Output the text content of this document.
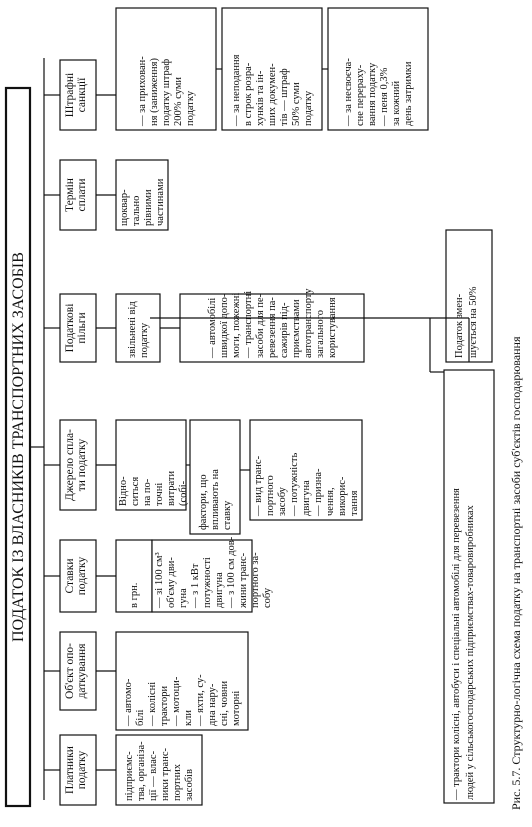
ПОДАТОК ІЗ ВЛАСНИКІВ ТРАНСПОРТНИХ ЗАСОБІВ
Платники податку	підприємс- тва, організа- ції — влас- ники транс- портних засобів
Об'єкт опо- даткування
— автомо- білі — колісні трактори — мотоци- кли — яхти, су- дна нару- сні, човни моторні
Ставки податку
в грн. — зі 100 см³ об'єму дви- гуна — з 1 кВт потужності двигуна — з 100 см дов- жини транс- портного за- собу
Джерело спла- ти податку	Відно- ситься на по- точні витрати (собі- фактори, що впливають на ставку — вид транс- портного засобу — потужність двигуна — призна- чення, викорис- тання
Податкові пільги	звільнені від податку	— автомобілі швидкої допо- моги, пожежні — транспортні засоби для пе- ревезення па- сажирів під- приємствами автотранспорту загального користування
Термін сплати	щоквар- тально рівними частинами
Штрафні санкції	— за прихован- ня (заниження) податку штраф 200% суми податку	— за неподання в строк розра- хунків та ін- ших докумен- тів — штраф 50% суми податку	— за несвоєча- сне перераху- вання податку — пеня 0,3% за кожний день затримки
— трактори колісні, автобуси і спеціальні автомобілі для перевезення людей у сільськогосподарських підприємствах-товаровиробниках
Податок змен- шується на 50%
Рис. 5.7. Структурно-логічна схема податку на транспортні засоби суб'єктів господарювання
